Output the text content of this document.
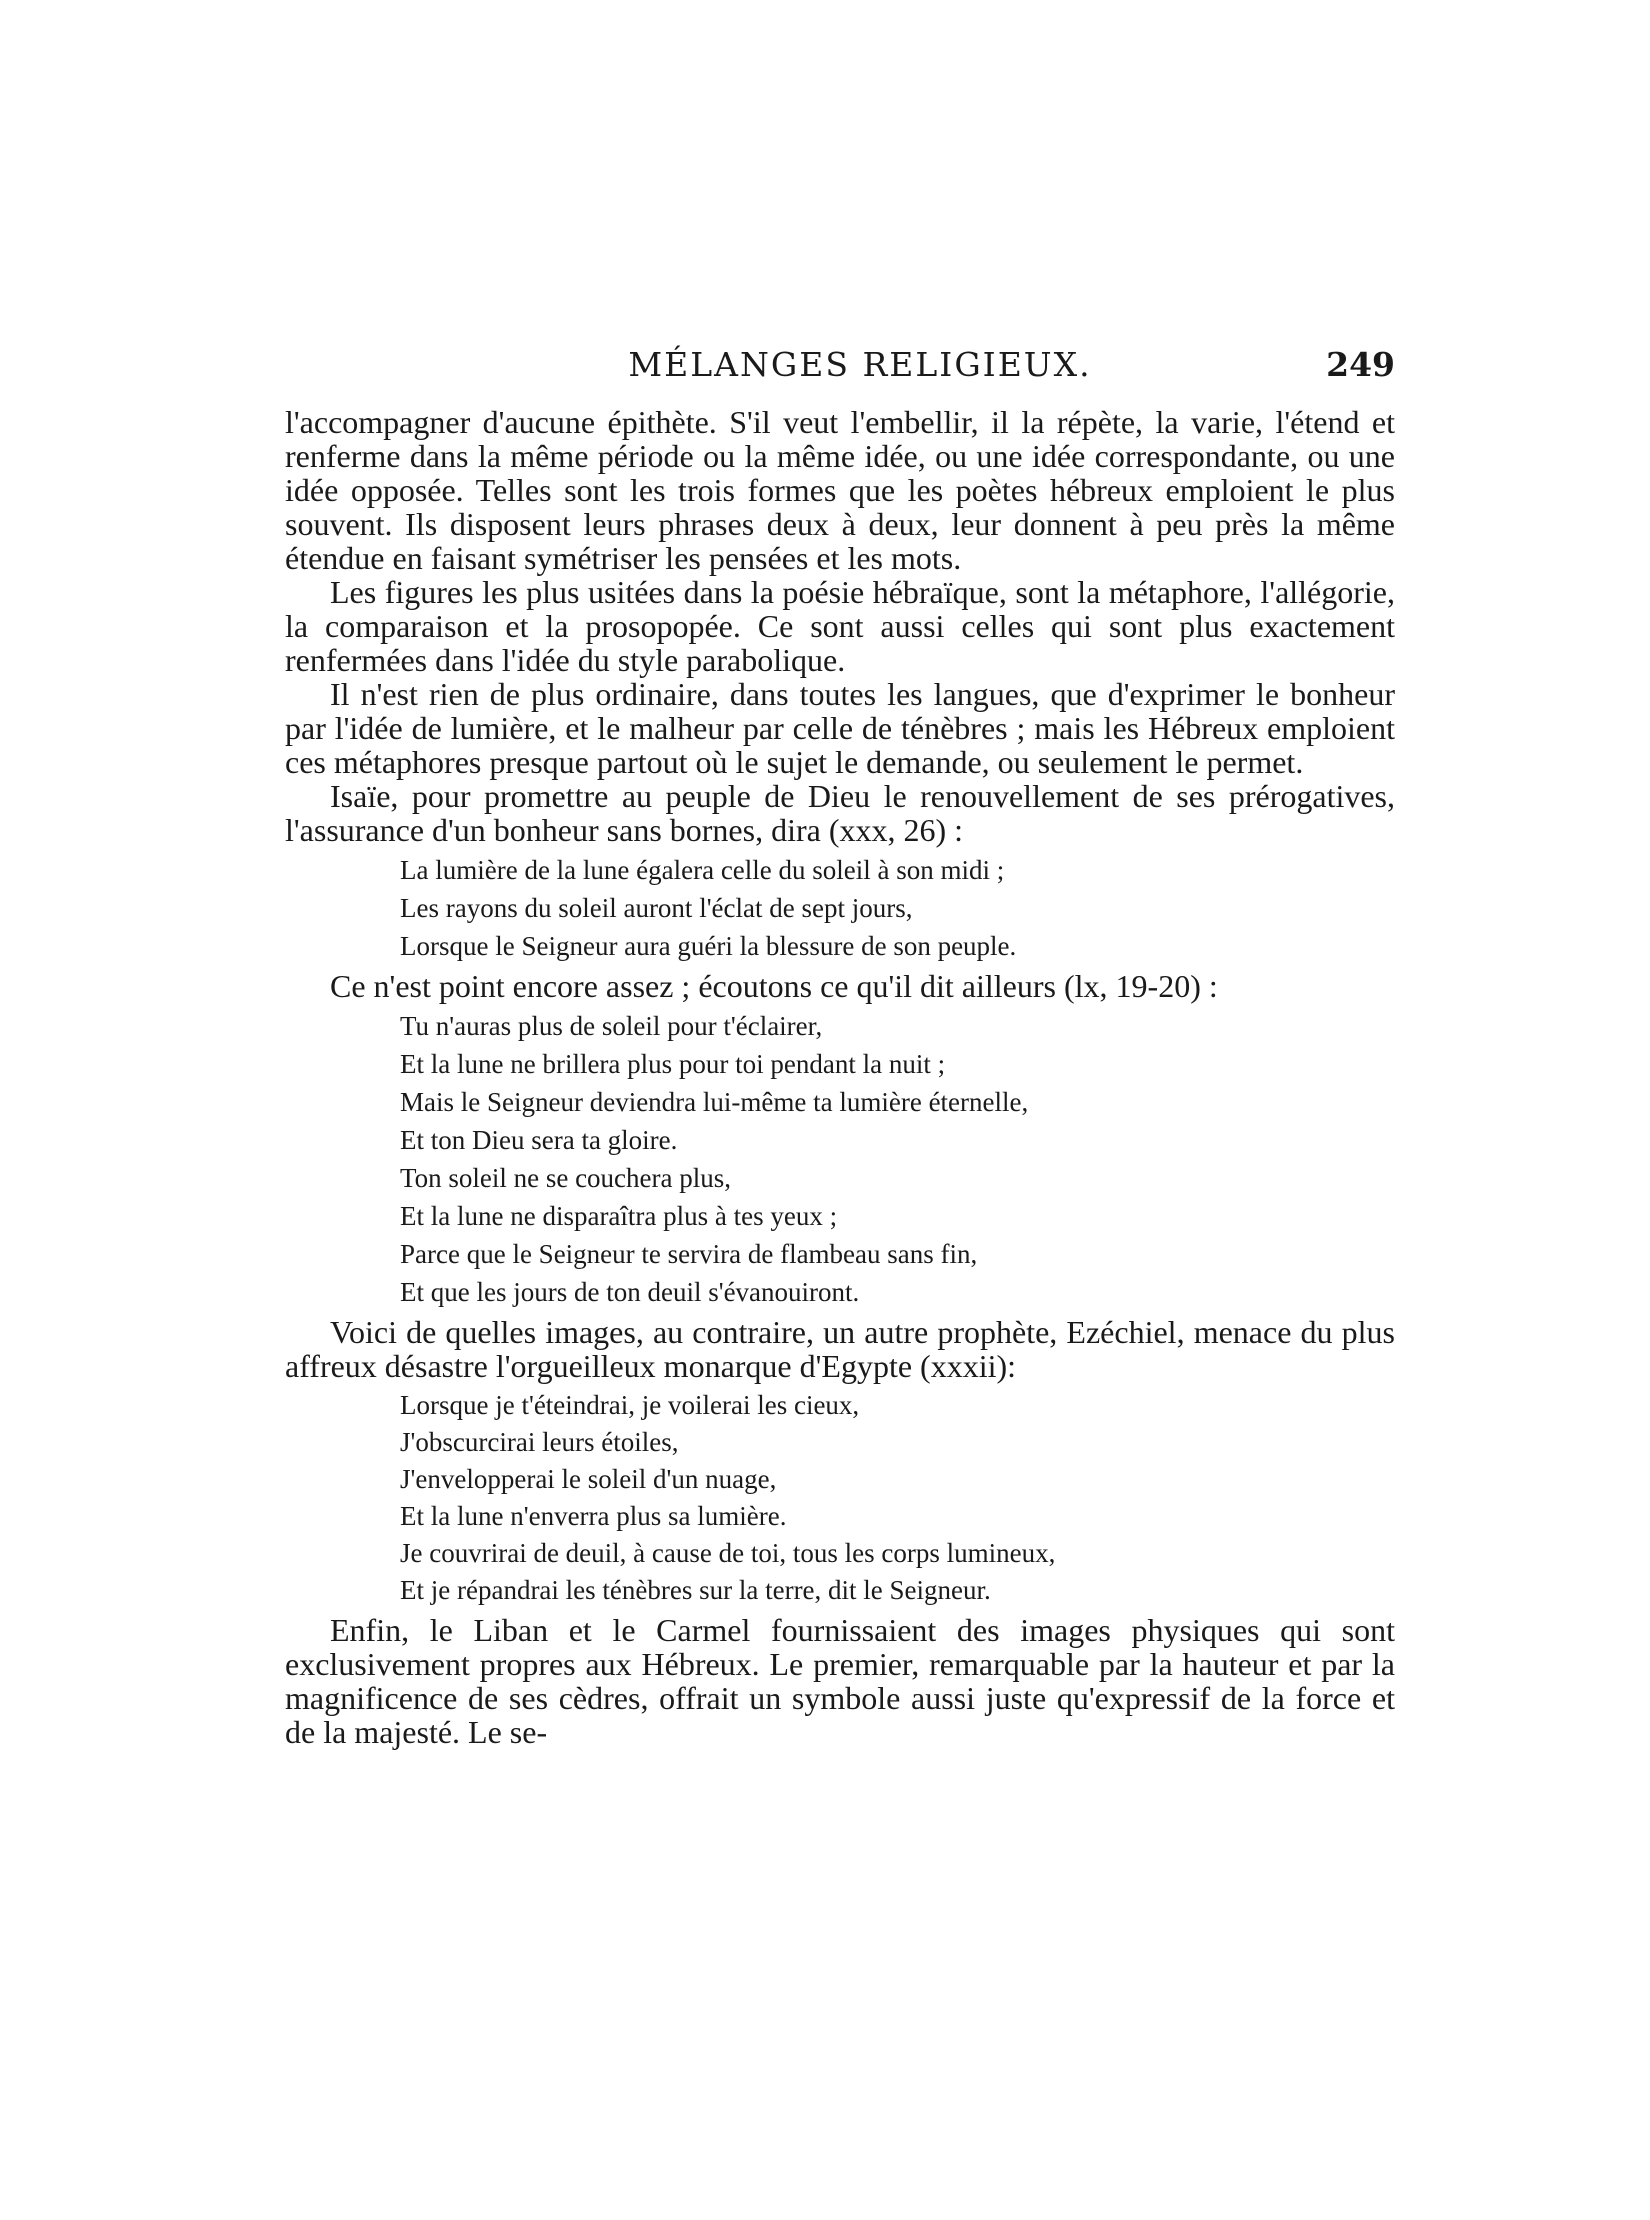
MÉLANGES RELIGIEUX.	249

l'accompagner d'aucune épithète. S'il veut l'embellir, il la répète, la varie, l'étend et renferme dans la même période ou la même idée, ou une idée correspondante, ou une idée opposée. Telles sont les trois formes que les poètes hébreux emploient le plus souvent. Ils disposent leurs phrases deux à deux, leur donnent à peu près la même étendue en faisant symétriser les pensées et les mots.

Les figures les plus usitées dans la poésie hébraïque, sont la métaphore, l'allégorie, la comparaison et la prosopopée. Ce sont aussi celles qui sont plus exactement renfermées dans l'idée du style parabolique.

Il n'est rien de plus ordinaire, dans toutes les langues, que d'exprimer le bonheur par l'idée de lumière, et le malheur par celle de ténèbres ; mais les Hébreux emploient ces métaphores presque partout où le sujet le demande, ou seulement le permet.

Isaïe, pour promettre au peuple de Dieu le renouvellement de ses prérogatives, l'assurance d'un bonheur sans bornes, dira (xxx, 26) :

La lumière de la lune égalera celle du soleil à son midi ;
Les rayons du soleil auront l'éclat de sept jours,
Lorsque le Seigneur aura guéri la blessure de son peuple.

Ce n'est point encore assez ; écoutons ce qu'il dit ailleurs (lx, 19-20) :

Tu n'auras plus de soleil pour t'éclairer,
Et la lune ne brillera plus pour toi pendant la nuit ;
Mais le Seigneur deviendra lui-même ta lumière éternelle,
Et ton Dieu sera ta gloire.
Ton soleil ne se couchera plus,
Et la lune ne disparaîtra plus à tes yeux ;
Parce que le Seigneur te servira de flambeau sans fin,
Et que les jours de ton deuil s'évanouiront.

Voici de quelles images, au contraire, un autre prophète, Ezéchiel, menace du plus affreux désastre l'orgueilleux monarque d'Egypte (xxxii):

Lorsque je t'éteindrai, je voilerai les cieux,
J'obscurcirai leurs étoiles,
J'envelopperai le soleil d'un nuage,
Et la lune n'enverra plus sa lumière.
Je couvrirai de deuil, à cause de toi, tous les corps lumineux,
Et je répandrai les ténèbres sur la terre, dit le Seigneur.

Enfin, le Liban et le Carmel fournissaient des images physiques qui sont exclusivement propres aux Hébreux. Le premier, remarquable par la hauteur et par la magnificence de ses cèdres, offrait un symbole aussi juste qu'expressif de la force et de la majesté. Le se-
